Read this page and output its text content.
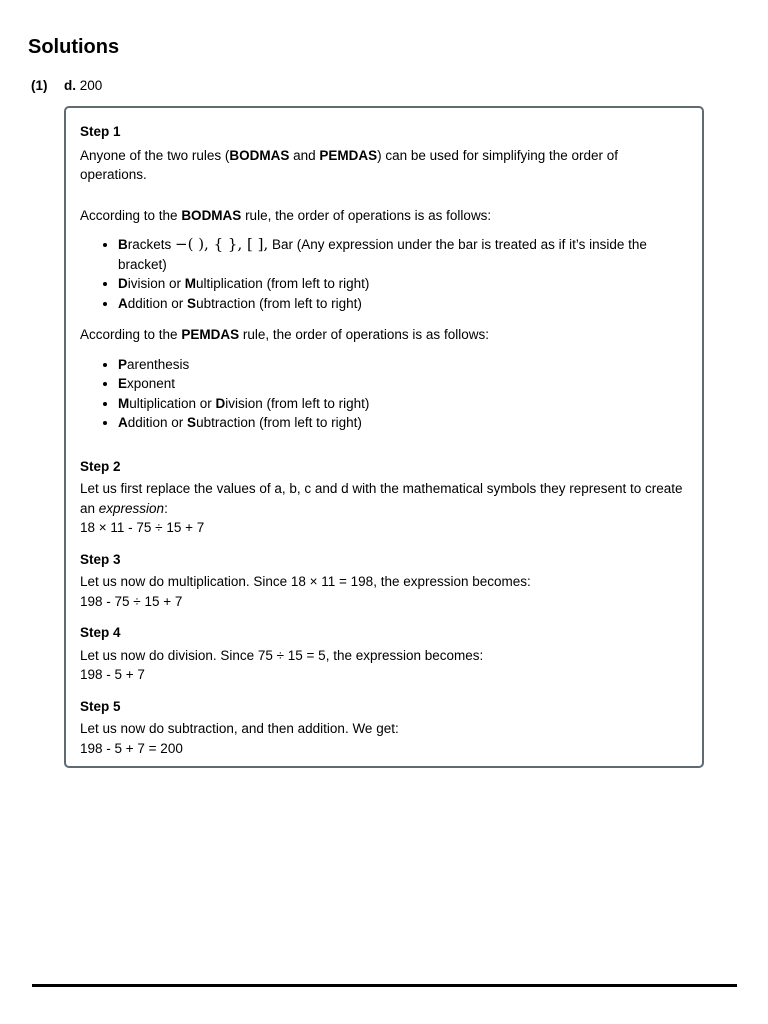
Solutions
(1) d. 200

Step 1

Anyone of the two rules (BODMAS and PEMDAS) can be used for simplifying the order of operations.

According to the BODMAS rule, the order of operations is as follows:

• Brackets −( ), { }, [ ], Bar (Any expression under the bar is treated as if it’s inside the bracket)
• Division or Multiplication (from left to right)
• Addition or Subtraction (from left to right)

According to the PEMDAS rule, the order of operations is as follows:

• Parenthesis
• Exponent
• Multiplication or Division (from left to right)
• Addition or Subtraction (from left to right)

Step 2

Let us first replace the values of a, b, c and d with the mathematical symbols they represent to create an expression:

18 × 11 - 75 ÷ 15 + 7

Step 3

Let us now do multiplication. Since 18 × 11 = 198, the expression becomes:

198 - 75 ÷ 15 + 7

Step 4

Let us now do division. Since 75 ÷ 15 = 5, the expression becomes:

198 - 5 + 7

Step 5

Let us now do subtraction, and then addition. We get:

198 - 5 + 7 = 200
